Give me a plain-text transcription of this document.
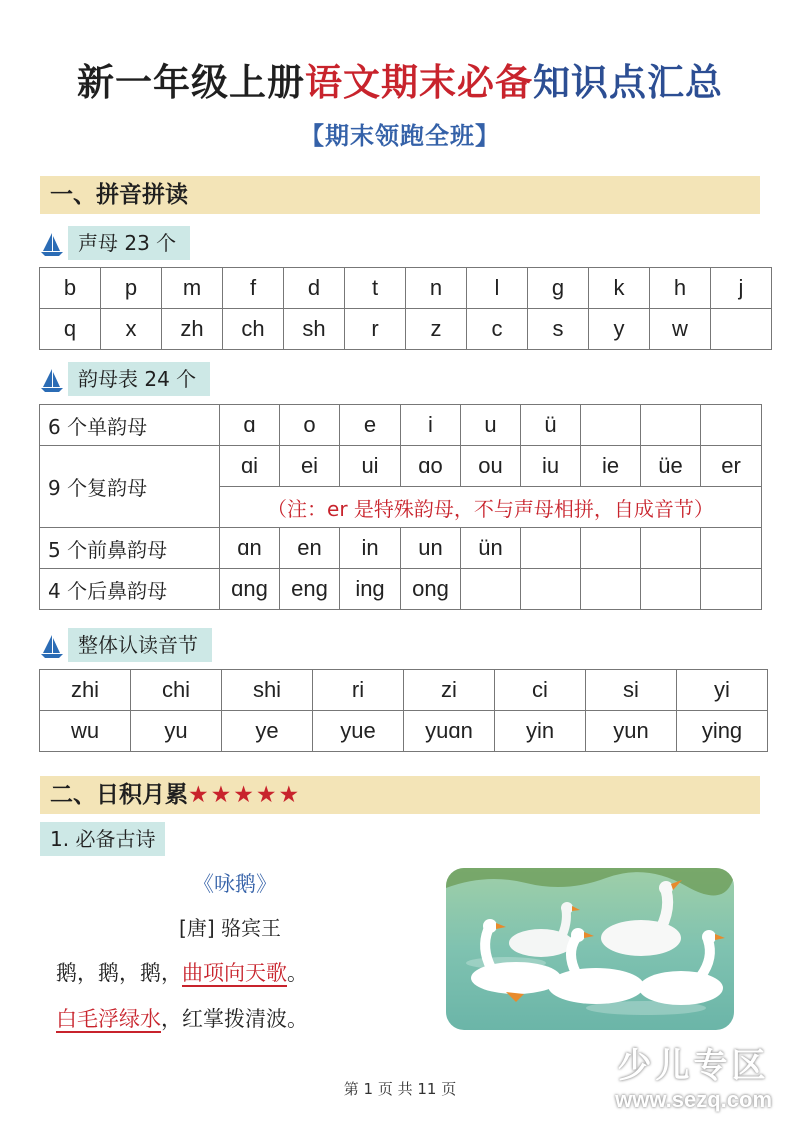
新一年级上册语文期末必备知识点汇总
【期末领跑全班】
一、拼音拼读
声母 23 个
b	p	m	f	d	t	n	l	g	k	h	j
q	x	zh	ch	sh	r	z	c	s	y	w	
韵母表 24 个
6 个单韵母	ɑ	o	e	i	u	ü			
9 个复韵母	ɑi	ei	ui	ɑo	ou	iu	ie	üe	er
	（注：er 是特殊韵母，不与声母相拼，自成音节）								
5 个前鼻韵母	ɑn	en	in	un	ün				
4 个后鼻韵母	ɑng	eng	ing	ong					
整体认读音节
zhi	chi	shi	ri	zi	ci	si	yi
wu	yu	ye	yue	yuɑn	yin	yun	ying
二、日积月累★★★★★
1. 必备古诗
《咏鹅》
[唐] 骆宾王
鹅，鹅，鹅，曲项向天歌。
白毛浮绿水，红掌拨清波。
少儿专区
www.sezq.com
第 1 页 共 11 页
